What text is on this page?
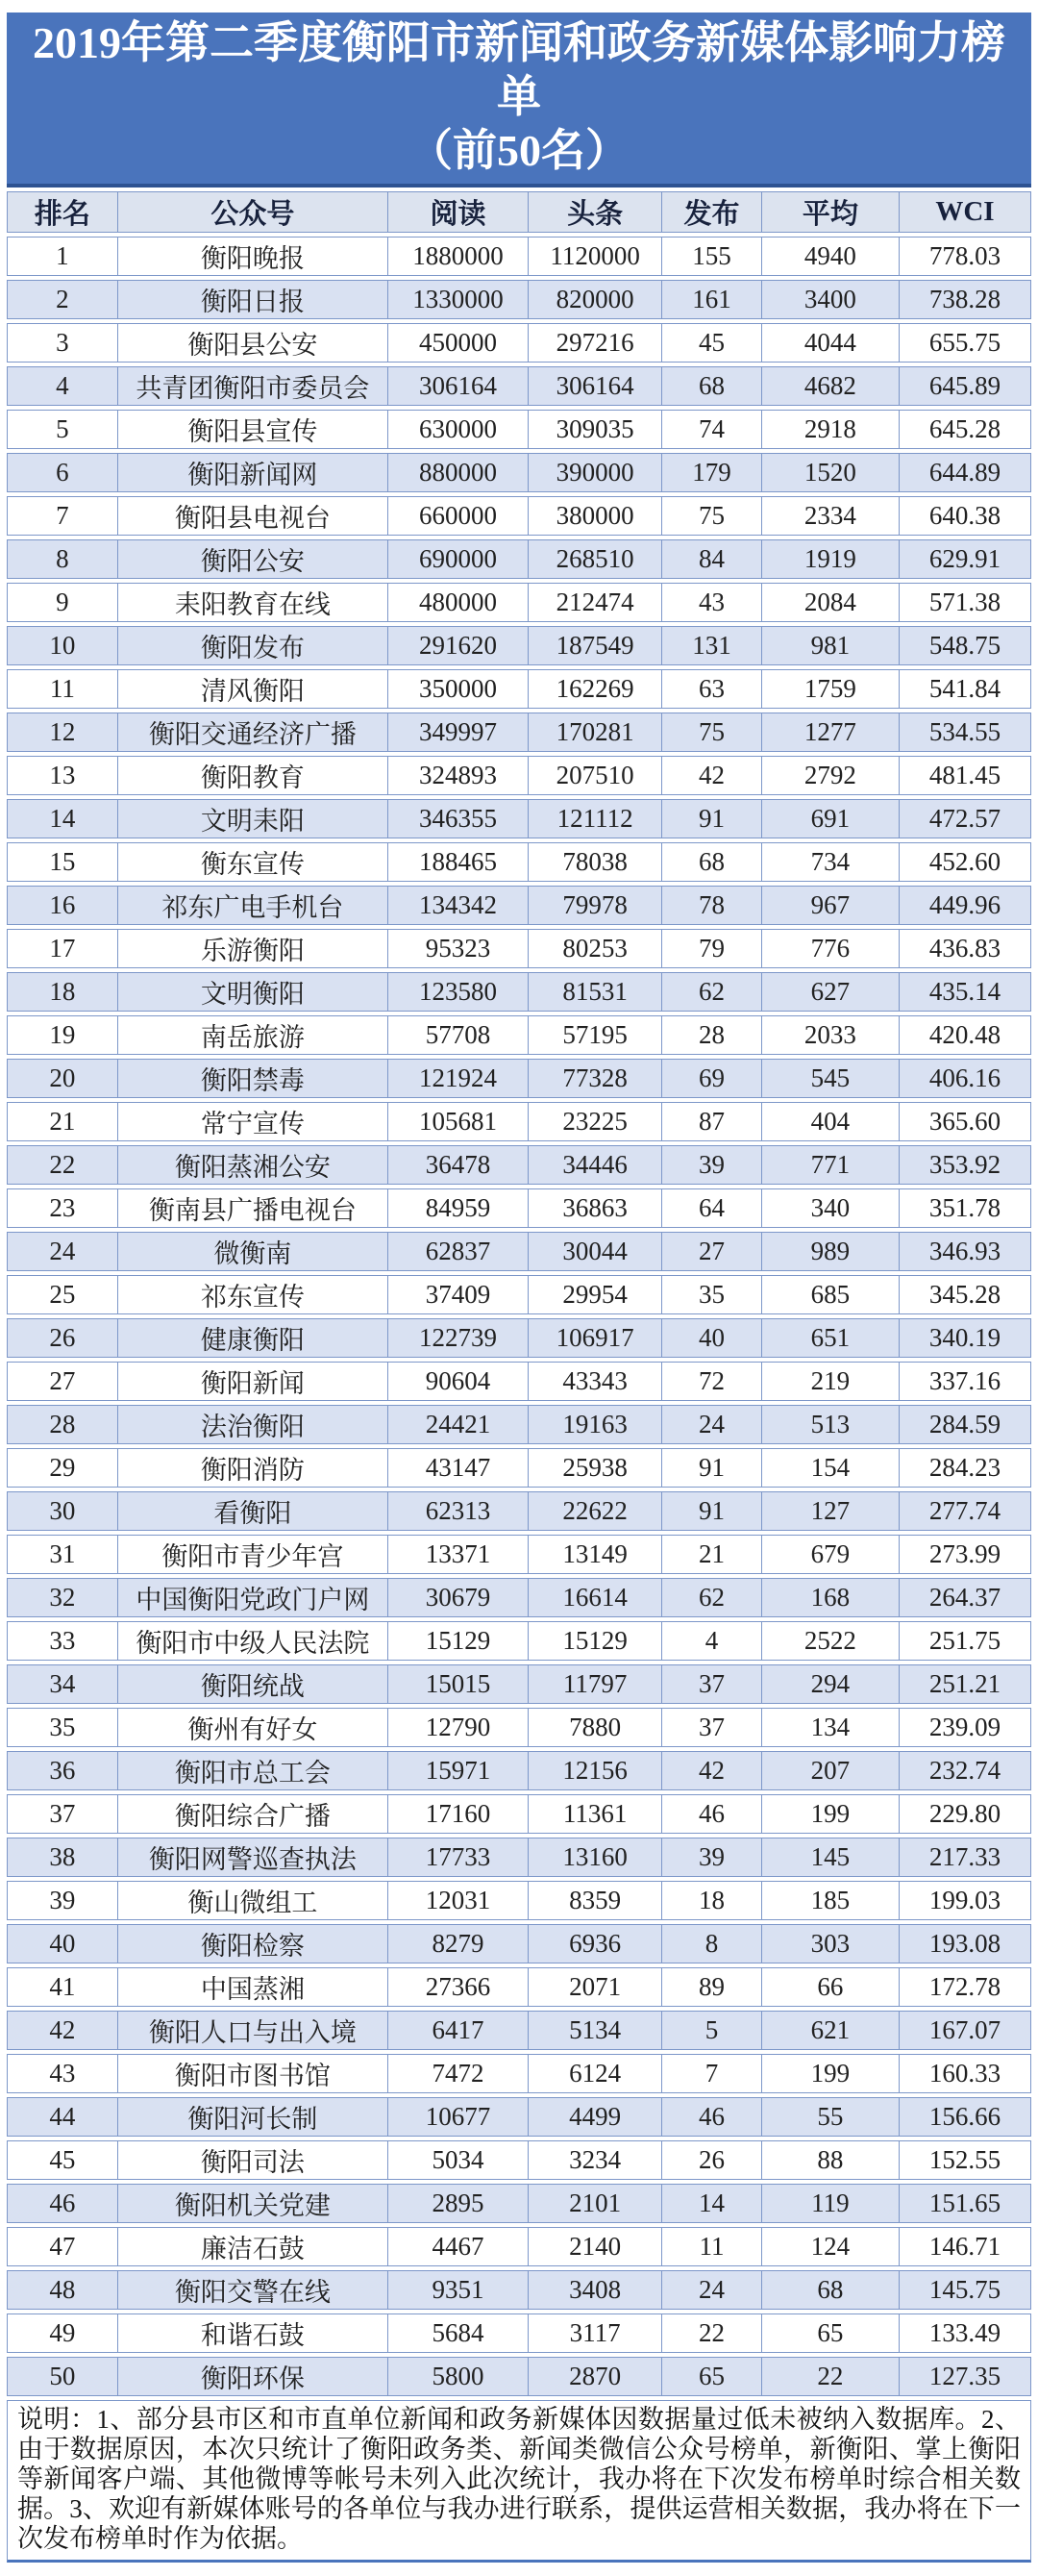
2019年第二季度衡阳市新闻和政务新媒体影响力榜单
（前50名）
排名	公众号	阅读	头条	发布	平均	WCI
1	衡阳晚报	1880000	1120000	155	4940	778.03
2	衡阳日报	1330000	820000	161	3400	738.28
3	衡阳县公安	450000	297216	45	4044	655.75
4	共青团衡阳市委员会	306164	306164	68	4682	645.89
5	衡阳县宣传	630000	309035	74	2918	645.28
6	衡阳新闻网	880000	390000	179	1520	644.89
7	衡阳县电视台	660000	380000	75	2334	640.38
8	衡阳公安	690000	268510	84	1919	629.91
9	耒阳教育在线	480000	212474	43	2084	571.38
10	衡阳发布	291620	187549	131	981	548.75
11	清风衡阳	350000	162269	63	1759	541.84
12	衡阳交通经济广播	349997	170281	75	1277	534.55
13	衡阳教育	324893	207510	42	2792	481.45
14	文明耒阳	346355	121112	91	691	472.57
15	衡东宣传	188465	78038	68	734	452.60
16	祁东广电手机台	134342	79978	78	967	449.96
17	乐游衡阳	95323	80253	79	776	436.83
18	文明衡阳	123580	81531	62	627	435.14
19	南岳旅游	57708	57195	28	2033	420.48
20	衡阳禁毒	121924	77328	69	545	406.16
21	常宁宣传	105681	23225	87	404	365.60
22	衡阳蒸湘公安	36478	34446	39	771	353.92
23	衡南县广播电视台	84959	36863	64	340	351.78
24	微衡南	62837	30044	27	989	346.93
25	祁东宣传	37409	29954	35	685	345.28
26	健康衡阳	122739	106917	40	651	340.19
27	衡阳新闻	90604	43343	72	219	337.16
28	法治衡阳	24421	19163	24	513	284.59
29	衡阳消防	43147	25938	91	154	284.23
30	看衡阳	62313	22622	91	127	277.74
31	衡阳市青少年宫	13371	13149	21	679	273.99
32	中国衡阳党政门户网	30679	16614	62	168	264.37
33	衡阳市中级人民法院	15129	15129	4	2522	251.75
34	衡阳统战	15015	11797	37	294	251.21
35	衡州有好女	12790	7880	37	134	239.09
36	衡阳市总工会	15971	12156	42	207	232.74
37	衡阳综合广播	17160	11361	46	199	229.80
38	衡阳网警巡查执法	17733	13160	39	145	217.33
39	衡山微组工	12031	8359	18	185	199.03
40	衡阳检察	8279	6936	8	303	193.08
41	中国蒸湘	27366	2071	89	66	172.78
42	衡阳人口与出入境	6417	5134	5	621	167.07
43	衡阳市图书馆	7472	6124	7	199	160.33
44	衡阳河长制	10677	4499	46	55	156.66
45	衡阳司法	5034	3234	26	88	152.55
46	衡阳机关党建	2895	2101	14	119	151.65
47	廉洁石鼓	4467	2140	11	124	146.71
48	衡阳交警在线	9351	3408	24	68	145.75
49	和谐石鼓	5684	3117	22	65	133.49
50	衡阳环保	5800	2870	65	22	127.35
说明：1、部分县市区和市直单位新闻和政务新媒体因数据量过低未被纳入数据库。2、由于数据原因，本次只统计了衡阳政务类、新闻类微信公众号榜单，新衡阳、掌上衡阳等新闻客户端、其他微博等帐号未列入此次统计，我办将在下次发布榜单时综合相关数据。3、欢迎有新媒体账号的各单位与我办进行联系，提供运营相关数据，我办将在下一次发布榜单时作为依据。
